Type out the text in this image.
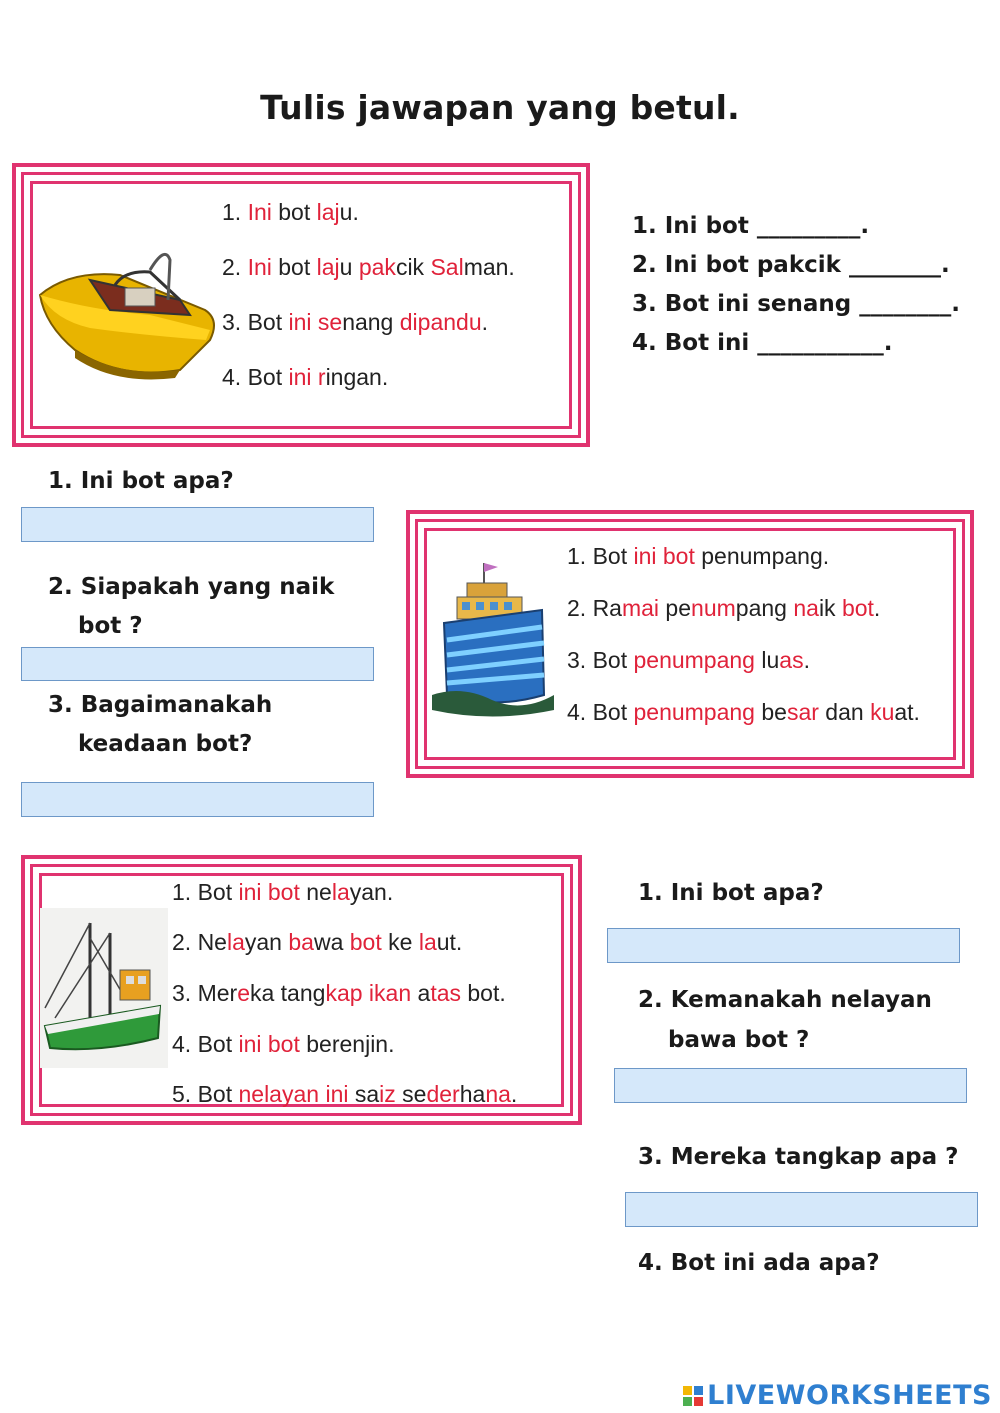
Tulis jawapan yang betul.
1. Ini bot laju.
2. Ini bot laju pakcik Salman.
3. Bot ini senang dipandu.
4. Bot ini ringan.
1. Ini bot _________.
2. Ini bot pakcik ________.
3. Bot ini senang ________.
4. Bot ini ___________.
1. Ini bot apa?
2. Siapakah yang naik
bot ?
3. Bagaimanakah
keadaan bot?
1. Bot ini bot penumpang.
2. Ramai penumpang naik bot.
3. Bot penumpang luas.
4. Bot penumpang besar dan kuat.
1. Bot ini bot nelayan.
2. Nelayan bawa bot ke laut.
3. Mereka tangkap ikan atas bot.
4. Bot ini bot berenjin.
5. Bot nelayan ini saiz sederhana.
1. Ini bot apa?
2. Kemanakah nelayan
bawa bot ?
3. Mereka tangkap apa ?
4. Bot ini ada apa?
LIVEWORKSHEETS
